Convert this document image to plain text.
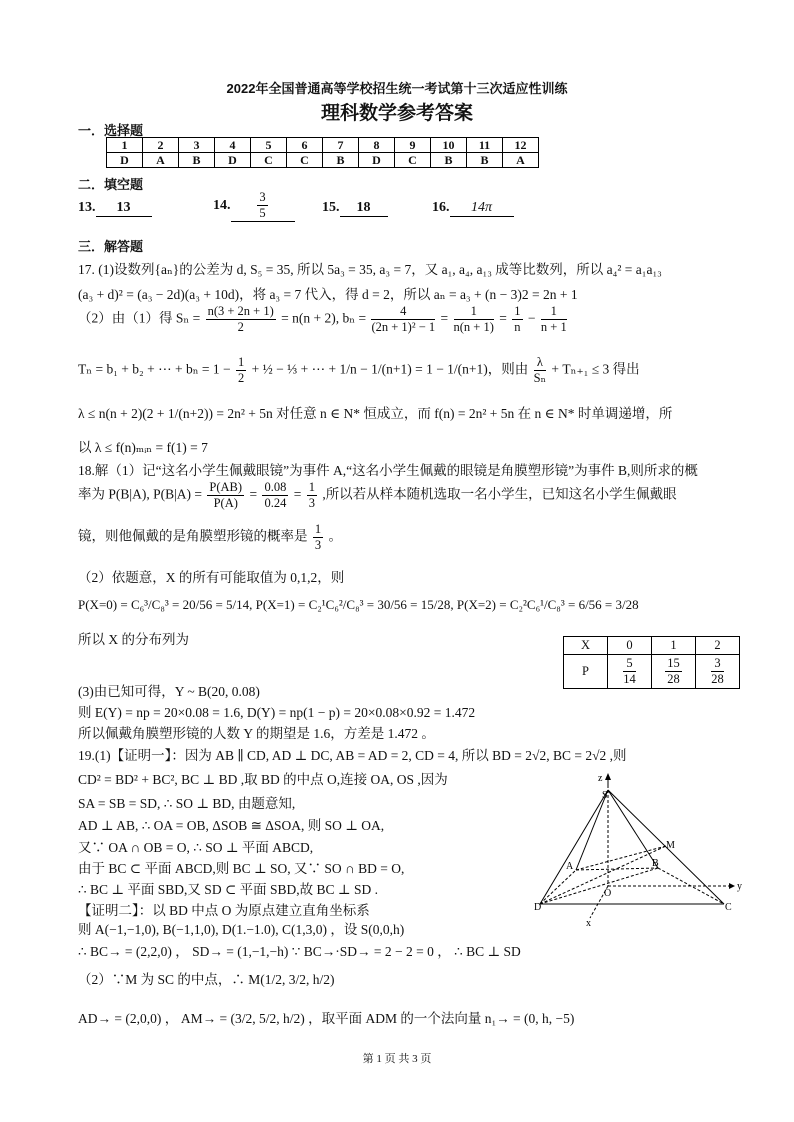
2022年全国普通高等学校招生统一考试第十三次适应性训练
理科数学参考答案
一．选择题
1	2	3	4	5	6	7	8	9	10	11	12
D	A	B	D	C	C	B	D	C	B	B	A
二．填空题
13. 13	14. $\frac{3}{5}$	15. 18	16. 14π
三．解答题
17. (1)设数列{aₙ}的公差为 d, S₅ = 35, 所以 5a₃ = 35, a₃ = 7，又 a₁, a₄, a₁₃ 成等比数列，所以 a₄² = a₁a₁₃
(a₃ + d)² = (a₃ − 2d)(a₃ + 10d)，将 a₃ = 7 代入，得 d = 2，所以 aₙ = a₃ + (n − 3)2 = 2n + 1
（2）由（1）得 $S_n = \frac{n(3 + 2n + 1)}{2} = n(n + 2)$, $b_n = \frac{4}{\text{(2n + 1)² − 1}} = \frac{1}{n(n + 1)} = \frac{1}{n} - \frac{1}{n + 1}$
Tₙ = b₁ + b₂ + ⋯ + $b_n = 1 - \frac{1}{2}$ + ½ − ⅓ + ⋯ + 1/n − 1/(n+1) = 1 − 1/(n+1)，则由 $\frac{\lambda}{\text{Sₙ}} + T_{n+1} \le 3$ 得出
λ ≤ n(n + 2)(2 + 1/(n+2)) = 2n² + 5n 对任意 n ∈ N* 恒成立，而 f(n) = 2n² + 5n 在 n ∈ N* 时单调递增，所
以 λ ≤ f(n)ₘᵢₙ = f(1) = 7
18.解（1）记“这名小学生佩戴眼镜”为事件 A,“这名小学生佩戴的眼镜是角膜塑形镜”为事件 B,则所求的概
率为 P(B|A), $P(B|A) = \frac{P(AB)}{P(A)} = \frac{0.08}{0.24} = \frac{1}{3}$ ,所以若从样本随机选取一名小学生，已知这名小学生佩戴眼
镜，则他佩戴的是角膜塑形镜的概率是 $\frac{1}{3}$ 。
（2）依题意，X 的所有可能取值为 0,1,2，则
P(X=0) = C₆³/C₈³ = 20/56 = 5/14, P(X=1) = C₂¹C₆²/C₈³ = 30/56 = 15/28, P(X=2) = C₂²C₆¹/C₈³ = 6/56 = 3/28
所以 X 的分布列为	X	0	1	2
P	$\frac{5}{14}$	$\frac{15}{28}$	$\frac{3}{28}$
(3)由已知可得，Y ~ B(20, 0.08)
则 E(Y) = np = 20×0.08 = 1.6, D(Y) = np(1 − p) = 20×0.08×0.92 = 1.472
所以佩戴角膜塑形镜的人数 Y 的期望是 1.6，方差是 1.472 。
19.(1)【证明一】：因为 AB ∥ CD, AD ⊥ DC, AB = AD = 2, CD = 4, 所以 BD = 2√2, BC = 2√2 ,则
CD² = BD² + BC², BC ⊥ BD ,取 BD 的中点 O,连接 OA, OS ,因为
SA = SB = SD, ∴ SO ⊥ BD, 由题意知,
AD ⊥ AB, ∴ OA = OB, ΔSOB ≅ ΔSOA, 则 SO ⊥ OA,
又∵ OA ∩ OB = O, ∴ SO ⊥ 平面 ABCD,
由于 BC ⊂ 平面 ABCD,则 BC ⊥ SO, 又∵ SO ∩ BD = O,
∴ BC ⊥ 平面 SBD,又 SD ⊂ 平面 SBD,故 BC ⊥ SD .
【证明二】：以 BD 中点 O 为原点建立直角坐标系
则 A(−1,−1,0), B(−1,1,0), D(1.−1.0), C(1,3,0) ，设 S(0,0,h)
∴ BC→ = (2,2,0) ， SD→ = (1,−1,−h) ∵ BC→·SD→ = 2 − 2 = 0 ， ∴ BC ⊥ SD
（2）∵M 为 SC 的中点，∴ M(1/2, 3/2, h/2)
AD→ = (2,0,0) ， AM→ = (3/2, 5/2, h/2) ，取平面 ADM 的一个法向量 n₁→ = (0, h, −5)
z
S
M
A	B
O
D	C
x
y
第 1 页 共 3 页
